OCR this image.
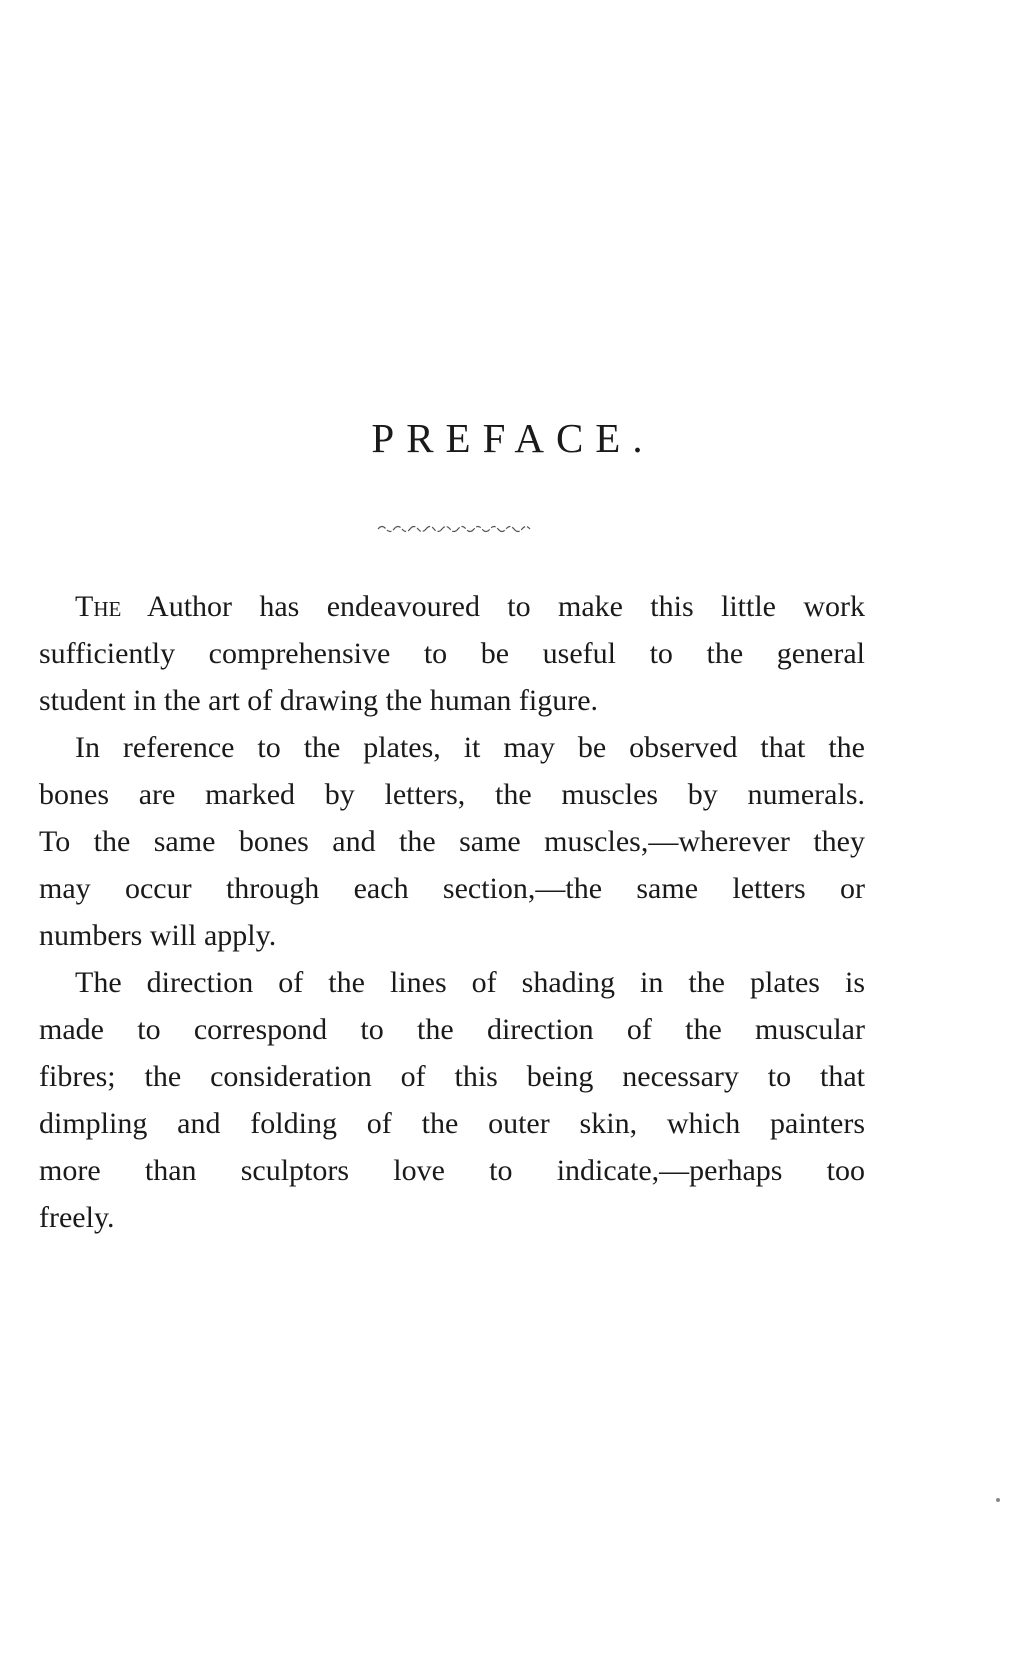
PREFACE.

The Author has endeavoured to make this little work
sufficiently comprehensive to be useful to the general
student in the art of drawing the human figure.

In reference to the plates, it may be observed that the
bones are marked by letters, the muscles by numerals.
To the same bones and the same muscles,—wherever they
may occur through each section,—the same letters or
numbers will apply.

The direction of the lines of shading in the plates is
made to correspond to the direction of the muscular
fibres; the consideration of this being necessary to that
dimpling and folding of the outer skin, which painters
more than sculptors love to indicate,—perhaps too
freely.
